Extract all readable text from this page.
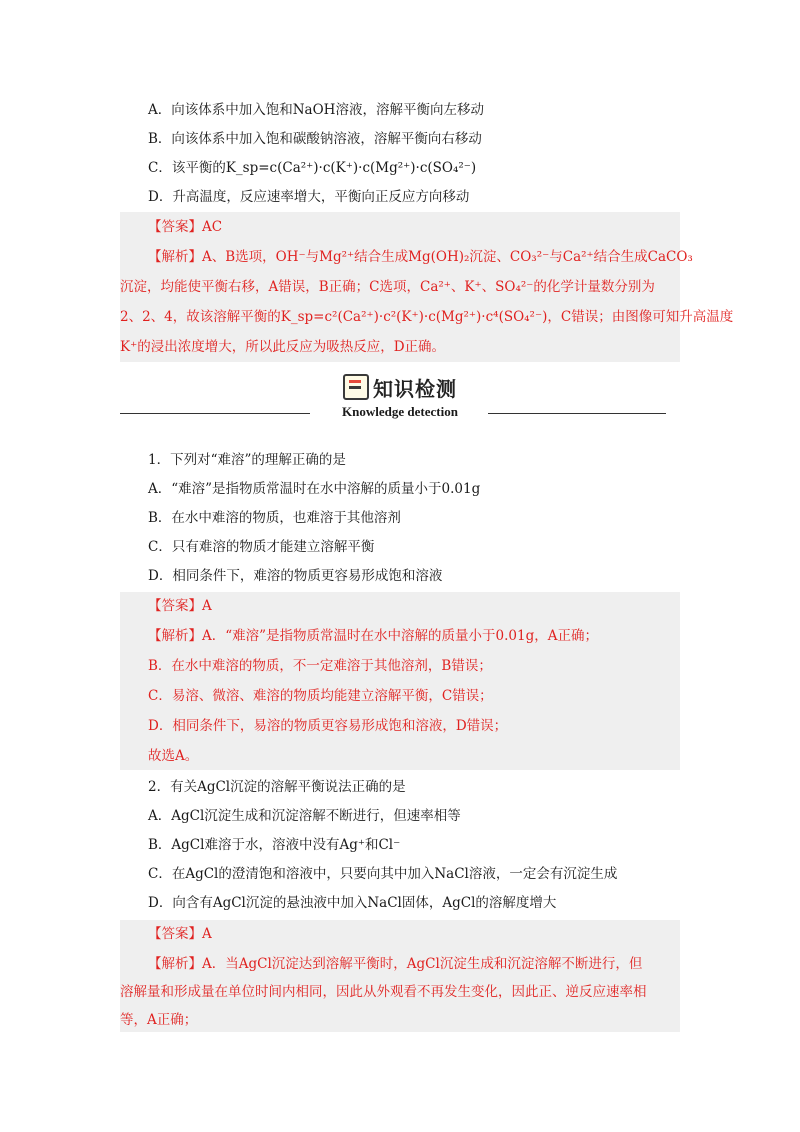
A．向该体系中加入饱和NaOH溶液，溶解平衡向左移动
B．向该体系中加入饱和碳酸钠溶液，溶解平衡向右移动
C．该平衡的K_sp=c(Ca²⁺)·c(K⁺)·c(Mg²⁺)·c(SO₄²⁻)
D．升高温度，反应速率增大，平衡向正反应方向移动
【答案】AC
【解析】A、B选项，OH⁻与Mg²⁺结合生成Mg(OH)₂沉淀、CO₃²⁻与Ca²⁺结合生成CaCO₃
沉淀，均能使平衡右移，A错误，B正确；C选项，Ca²⁺、K⁺、SO₄²⁻的化学计量数分别为
2、2、4，故该溶解平衡的K_sp=c²(Ca²⁺)·c²(K⁺)·c(Mg²⁺)·c⁴(SO₄²⁻)，C错误；由图像可知升高温度
K⁺的浸出浓度增大，所以此反应为吸热反应，D正确。
知识检测
Knowledge detection
1．下列对“难溶”的理解正确的是
A．“难溶”是指物质常温时在水中溶解的质量小于0.01g
B．在水中难溶的物质，也难溶于其他溶剂
C．只有难溶的物质才能建立溶解平衡
D．相同条件下，难溶的物质更容易形成饱和溶液
【答案】A
【解析】A．“难溶”是指物质常温时在水中溶解的质量小于0.01g，A正确；
B．在水中难溶的物质，不一定难溶于其他溶剂，B错误；
C．易溶、微溶、难溶的物质均能建立溶解平衡，C错误；
D．相同条件下，易溶的物质更容易形成饱和溶液，D错误；
故选A。
2．有关AgCl沉淀的溶解平衡说法正确的是
A．AgCl沉淀生成和沉淀溶解不断进行，但速率相等
B．AgCl难溶于水，溶液中没有Ag⁺和Cl⁻
C．在AgCl的澄清饱和溶液中，只要向其中加入NaCl溶液，一定会有沉淀生成
D．向含有AgCl沉淀的悬浊液中加入NaCl固体，AgCl的溶解度增大
【答案】A
【解析】A．当AgCl沉淀达到溶解平衡时，AgCl沉淀生成和沉淀溶解不断进行，但
溶解量和形成量在单位时间内相同，因此从外观看不再发生变化，因此正、逆反应速率相
等，A正确；
